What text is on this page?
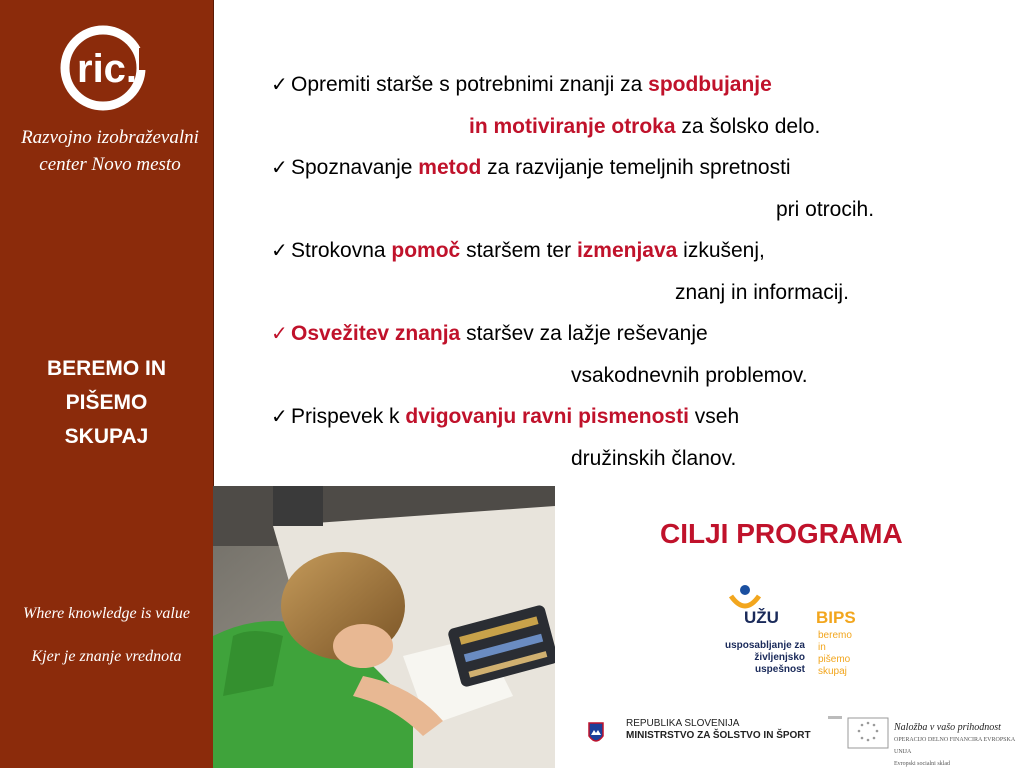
ric.
Razvojno izobraževalni
center Novo mesto
BEREMO IN
PIŠEMO
SKUPAJ
Where knowledge is value
Kjer je znanje vrednota
✓ Opremiti starše s potrebnimi znanji za spodbujanje
in motiviranje otroka za šolsko delo.
✓ Spoznavanje metod za razvijanje temeljnih spretnosti
pri otrocih.
✓ Strokovna pomoč staršem ter izmenjava izkušenj,
znanj in informacij.
✓ Osvežitev znanja staršev za lažje reševanje
vsakodnevnih problemov.
✓ Prispevek k dvigovanju ravni pismenosti vseh
družinskih članov.
CILJI PROGRAMA
UŽU BIPS
usposabljanje za
življenjsko
uspešnost
beremo
in
pišemo
skupaj
REPUBLIKA SLOVENIJA
MINISTRSTVO ZA ŠOLSTVO IN ŠPORT
Naložba v vašo prihodnost
OPERACIJO DELNO FINANCIRA EVROPSKA UNIJA
Evropski socialni sklad
